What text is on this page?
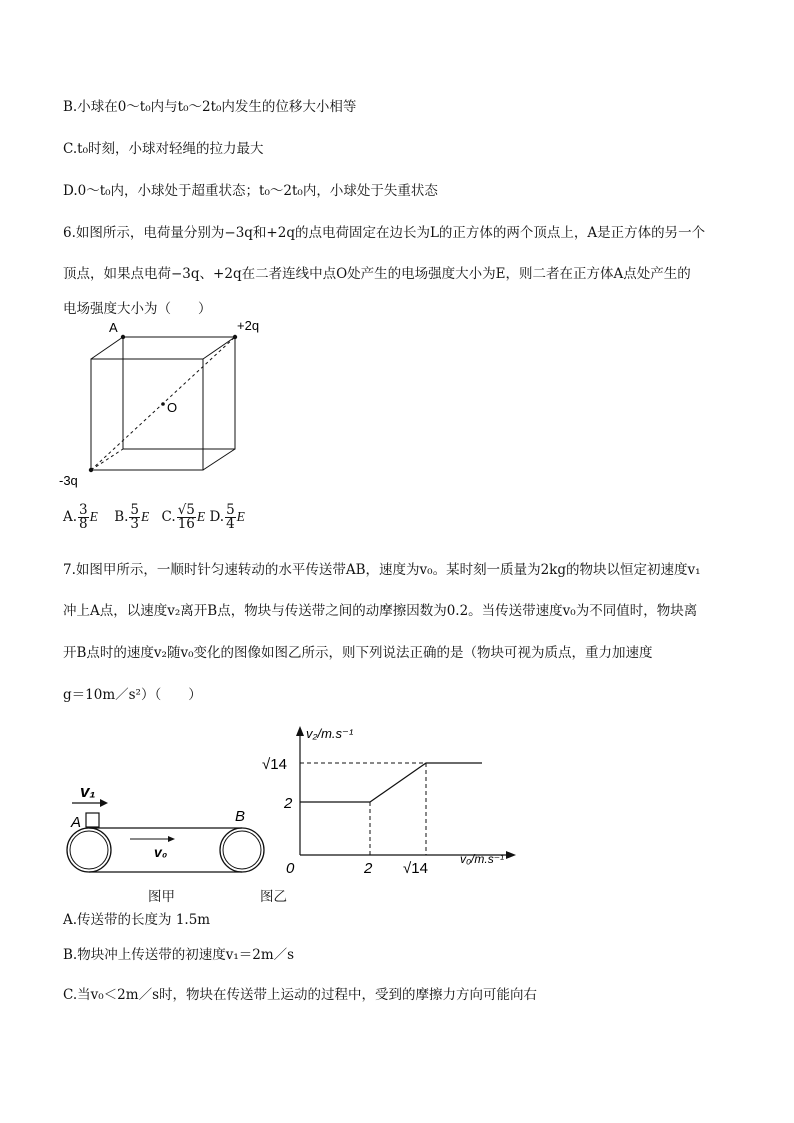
B.小球在0～t₀内与t₀～2t₀内发生的位移大小相等
C.t₀时刻，小球对轻绳的拉力最大
D.0～t₀内，小球处于超重状态；t₀～2t₀内，小球处于失重状态
6.如图所示，电荷量分别为−3q和+2q的点电荷固定在边长为L的正方体的两个顶点上，A是正方体的另一个
顶点，如果点电荷−3q、+2q在二者连线中点O处产生的电场强度大小为E，则二者在正方体A点处产生的
电场强度大小为（　　）
A	+2q
O
-3q
A. $\frac{3}{8}$ E B. $\frac{5}{3}$ E C. $\frac{√5}{16}$ E D. $\frac{5}{4}$ E
7.如图甲所示，一顺时针匀速转动的水平传送带AB，速度为v₀。某时刻一质量为2kg的物块以恒定初速度v₁
冲上A点，以速度v₂离开B点，物块与传送带之间的动摩擦因数为0.2。当传送带速度v₀为不同值时，物块离
开B点时的速度v₂随v₀变化的图像如图乙所示，则下列说法正确的是（物块可视为质点，重力加速度
g＝10m／s²）（　　）
v₁
A	B
v₀
v₂/m.s⁻¹
√14
2
0	2 √14
v₀/m.s⁻¹
图甲	图乙
A.传送带的长度为 1.5m
B.物块冲上传送带的初速度v₁＝2m／s
C.当v₀＜2m／s时，物块在传送带上运动的过程中，受到的摩擦力方向可能向右
